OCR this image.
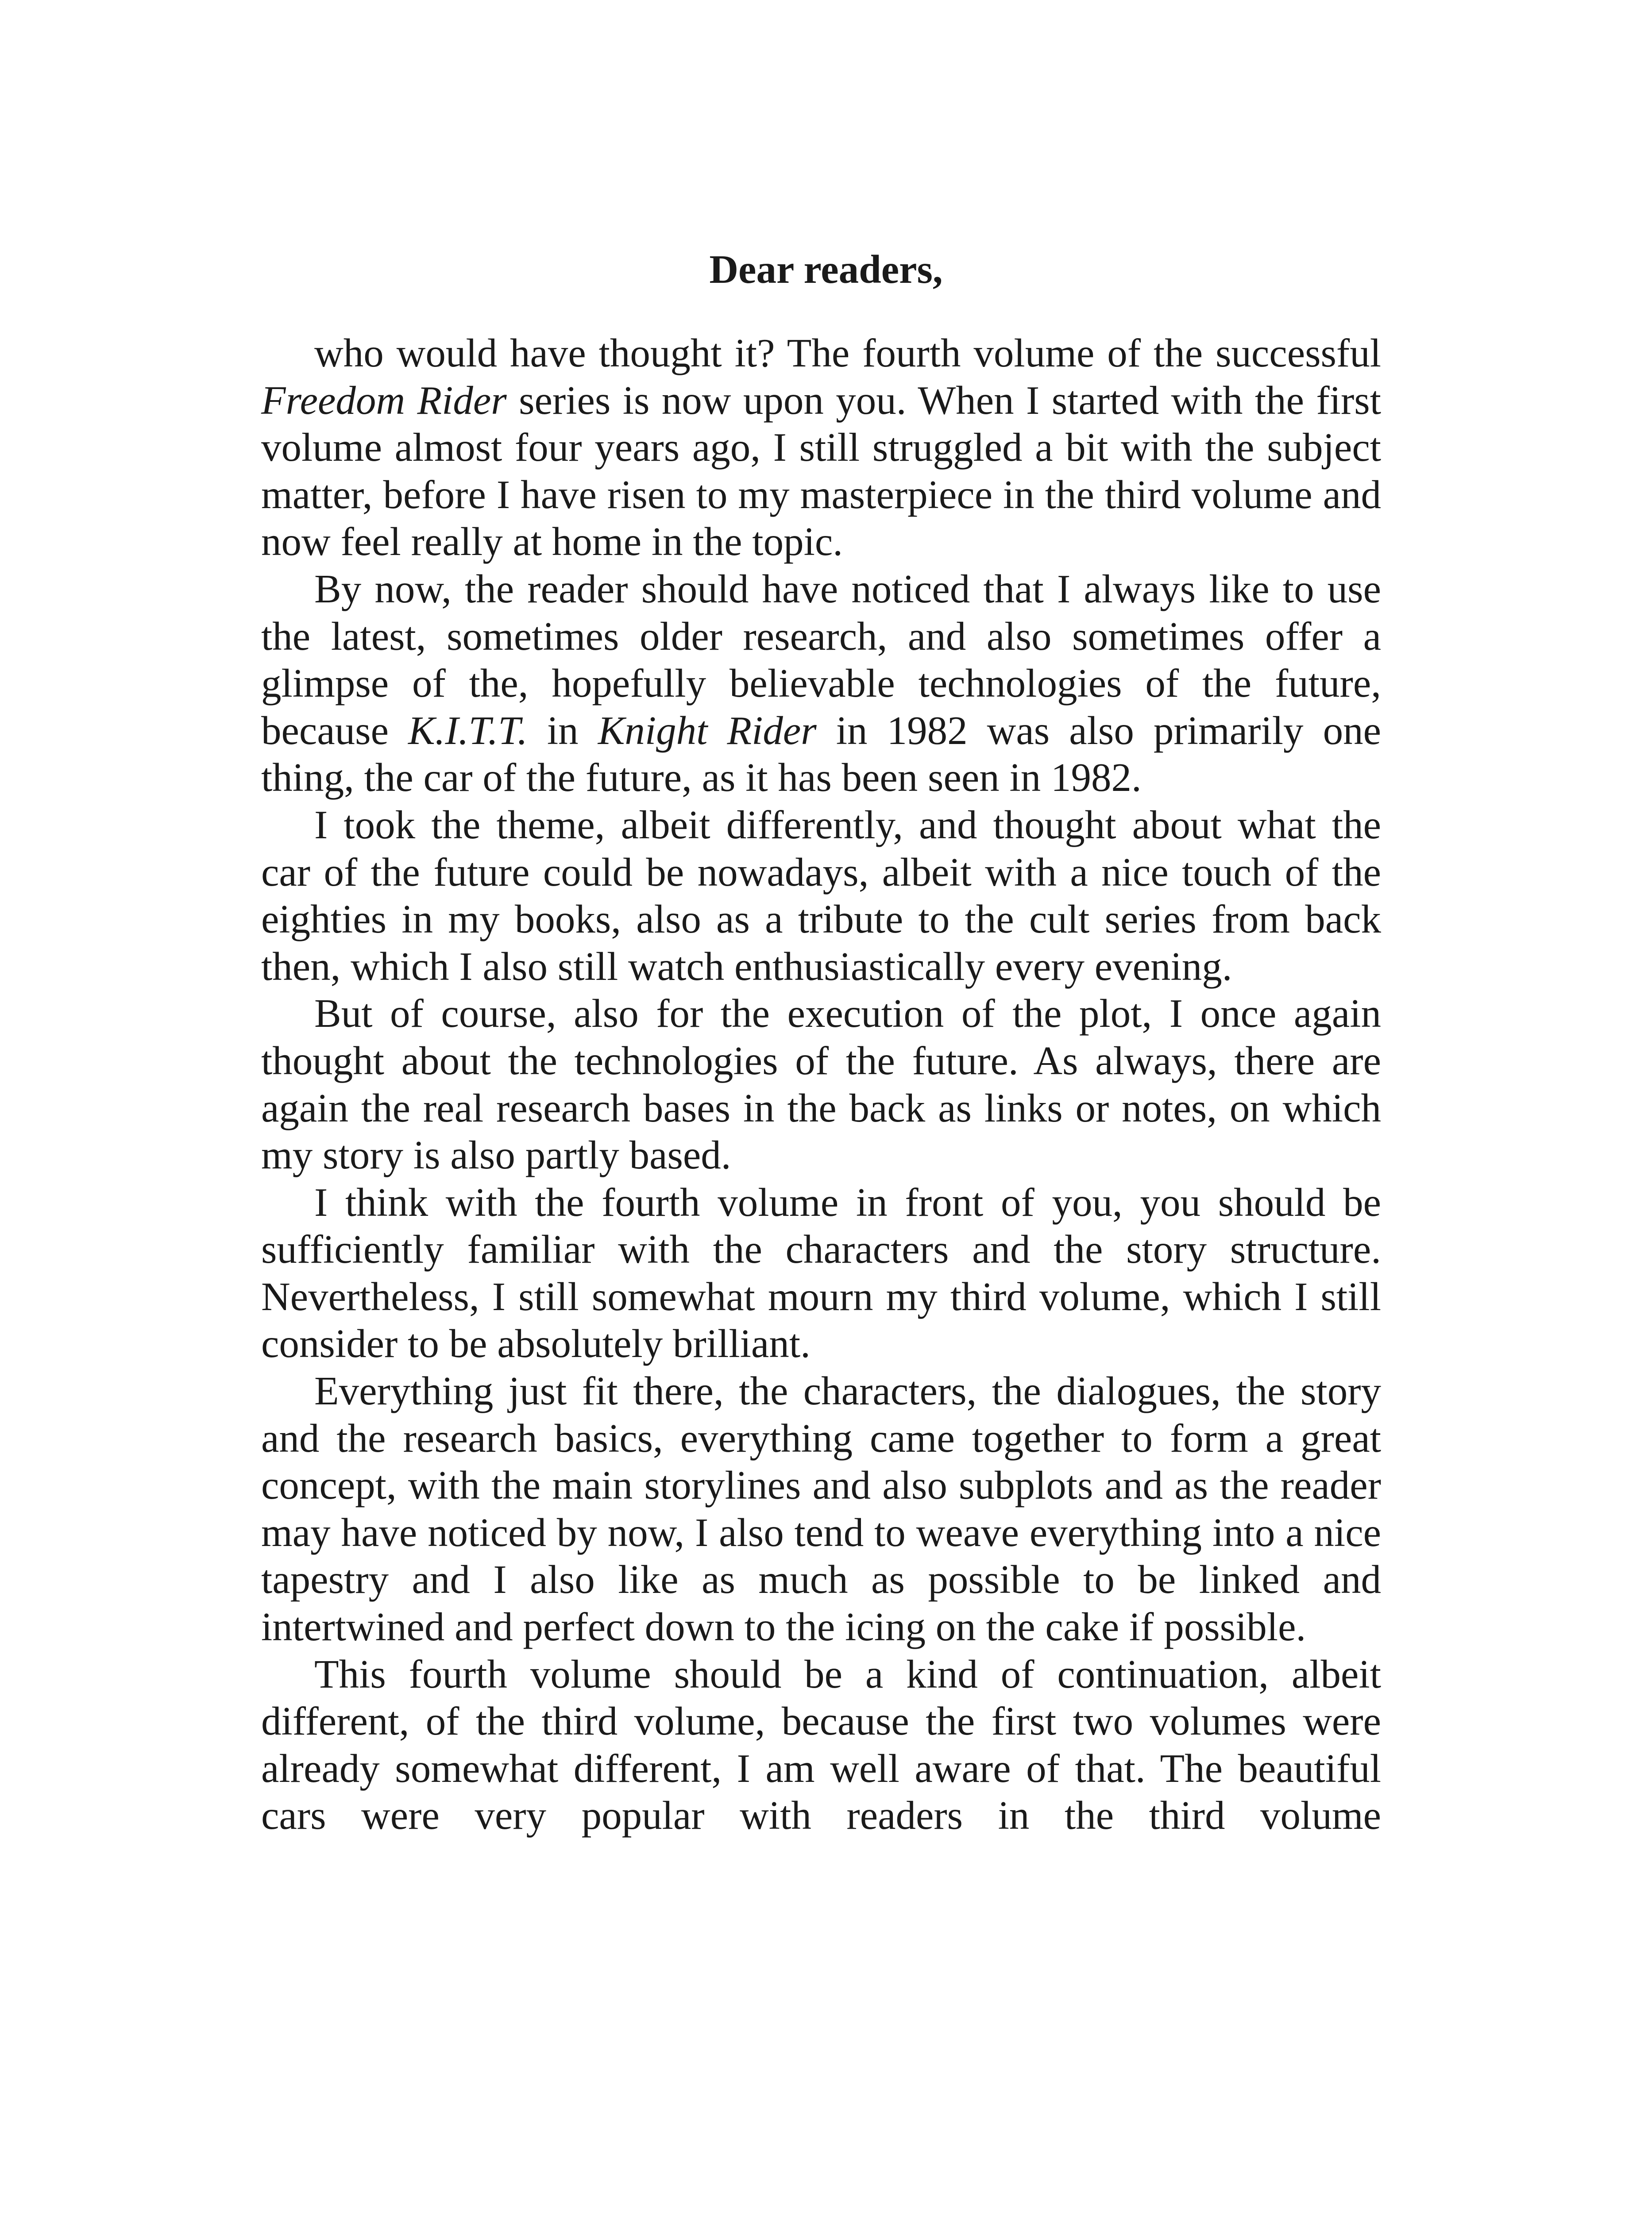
Dear readers,

who would have thought it? The fourth volume of the successful Freedom Rider series is now upon you. When I started with the first volume almost four years ago, I still struggled a bit with the subject matter, before I have risen to my masterpiece in the third volume and now feel really at home in the topic.

By now, the reader should have noticed that I always like to use the latest, sometimes older research, and also sometimes offer a glimpse of the, hopefully believable technologies of the future, because K.I.T.T. in Knight Rider in 1982 was also primarily one thing, the car of the future, as it has been seen in 1982.

I took the theme, albeit differently, and thought about what the car of the future could be nowadays, albeit with a nice touch of the eighties in my books, also as a tribute to the cult series from back then, which I also still watch enthusiastically every evening.

But of course, also for the execution of the plot, I once again thought about the technologies of the future. As always, there are again the real research bases in the back as links or notes, on which my story is also partly based.

I think with the fourth volume in front of you, you should be sufficiently familiar with the characters and the story structure. Nevertheless, I still somewhat mourn my third volume, which I still consider to be absolutely brilliant.

Everything just fit there, the characters, the dialogues, the story and the research basics, everything came together to form a great concept, with the main storylines and also subplots and as the reader may have noticed by now, I also tend to weave everything into a nice tapestry and I also like as much as possible to be linked and intertwined and perfect down to the icing on the cake if possible.

This fourth volume should be a kind of continuation, albeit different, of the third volume, because the first two volumes were already somewhat different, I am well aware of that. The beautiful cars were very popular with readers in the third volume
